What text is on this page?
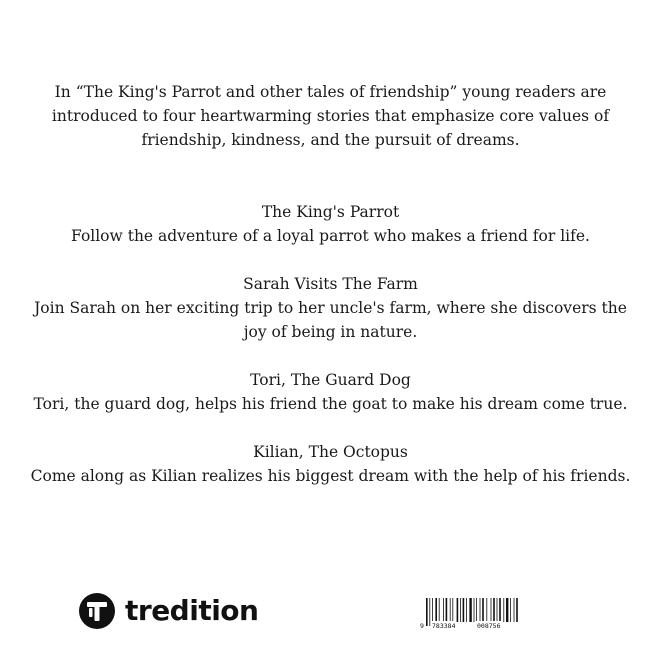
In “The King's Parrot and other tales of friendship” young readers are introduced to four heartwarming stories that emphasize core values of friendship, kindness, and the pursuit of dreams.
The King's Parrot
Follow the adventure of a loyal parrot who makes a friend for life.
Sarah Visits The Farm
Join Sarah on her exciting trip to her uncle's farm, where she discovers the joy of being in nature.
Tori, The Guard Dog
Tori, the guard dog, helps his friend the goat to make his dream come true.
Kilian, The Octopus
Come along as Kilian realizes his biggest dream with the help of his friends.
tredition	9 783384	008756
